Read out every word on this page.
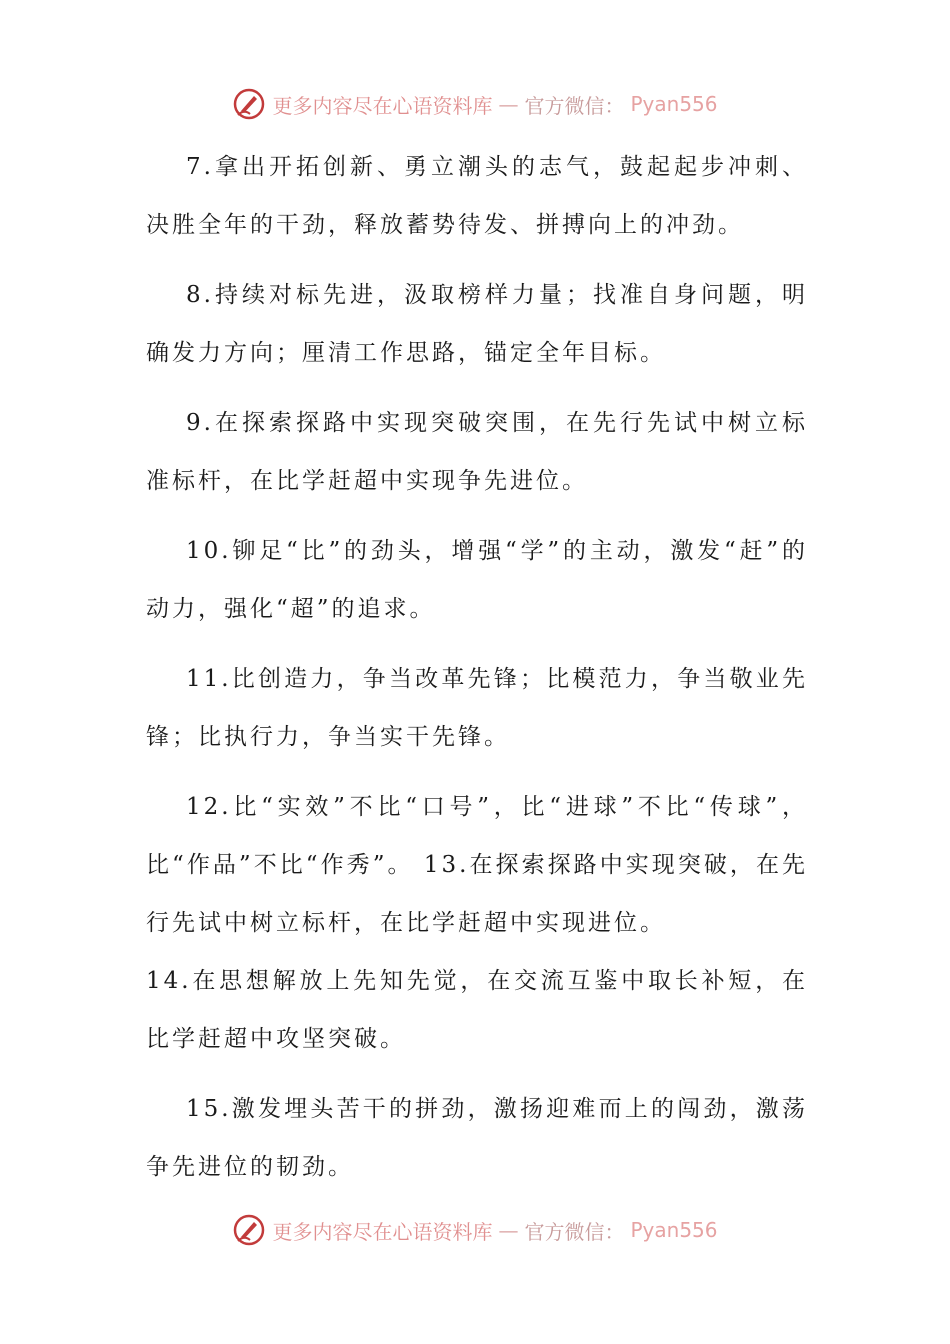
更多内容尽在心语资料库 — 官方微信： Pyan556

7.拿出开拓创新、勇立潮头的志气，鼓起起步冲刺、决胜全年的干劲，释放蓄势待发、拼搏向上的冲劲。

8.持续对标先进，汲取榜样力量；找准自身问题，明确发力方向；厘清工作思路，锚定全年目标。

9.在探索探路中实现突破突围，在先行先试中树立标准标杆，在比学赶超中实现争先进位。

10.铆足“比”的劲头，增强“学”的主动，激发“赶”的动力，强化“超”的追求。

11.比创造力，争当改革先锋；比模范力，争当敬业先锋；比执行力，争当实干先锋。

12.比“实效”不比“口号”，比“进球”不比“传球”，比“作品”不比“作秀”。 13.在探索探路中实现突破，在先行先试中树立标杆，在比学赶超中实现进位。

14.在思想解放上先知先觉，在交流互鉴中取长补短，在比学赶超中攻坚突破。

15.激发埋头苦干的拼劲，激扬迎难而上的闯劲，激荡争先进位的韧劲。

更多内容尽在心语资料库 — 官方微信： Pyan556
